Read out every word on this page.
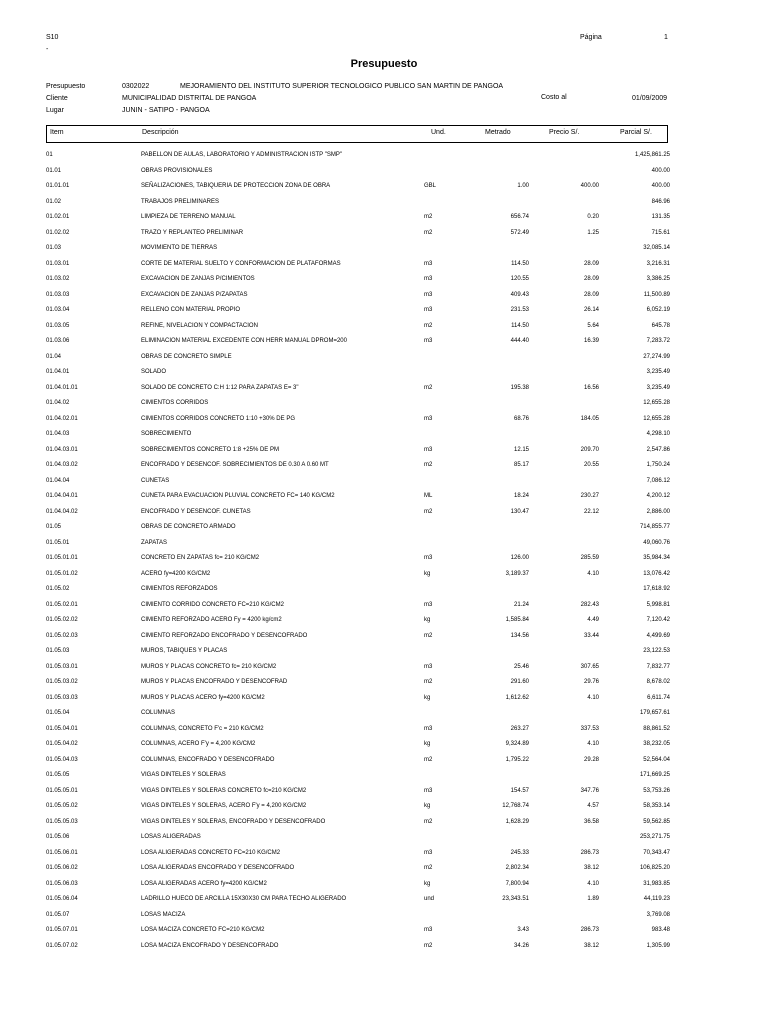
S10
-
Página	1
Presupuesto
Presupuesto	0302022	MEJORAMIENTO DEL INSTITUTO SUPERIOR TECNOLOGICO PUBLICO SAN MARTIN DE PANGOA
Cliente	MUNICIPALIDAD DISTRITAL DE PANGOA	Costo al	01/09/2009
Lugar	JUNIN - SATIPO - PANGOA
Item	Descripción	Und.	Metrado	Precio S/.	Parcial S/.
01	PABELLON DE AULAS, LABORATORIO Y ADMINISTRACION ISTP "SMP"	1,425,861.25
01.01	OBRAS PROVISIONALES	400.00
01.01.01	SEÑALIZACIONES, TABIQUERIA DE PROTECCION ZONA DE OBRA	GBL	1.00	400.00	400.00
01.02	TRABAJOS PRELIMINARES	846.96
01.02.01	LIMPIEZA DE TERRENO MANUAL	m2	656.74	0.20	131.35
01.02.02	TRAZO Y REPLANTEO PRELIMINAR	m2	572.49	1.25	715.61
01.03	MOVIMIENTO DE TIERRAS	32,085.14
01.03.01	CORTE DE MATERIAL SUELTO Y CONFORMACION DE PLATAFORMAS	m3	114.50	28.09	3,216.31
01.03.02	EXCAVACION DE ZANJAS P/CIMIENTOS	m3	120.55	28.09	3,386.25
01.03.03	EXCAVACION DE ZANJAS P/ZAPATAS	m3	409.43	28.09	11,500.89
01.03.04	RELLENO CON MATERIAL PROPIO	m3	231.53	26.14	6,052.19
01.03.05	REFINE, NIVELACION Y COMPACTACION	m2	114.50	5.64	645.78
01.03.06	ELIMINACION MATERIAL EXCEDENTE CON HERR MANUAL DPROM=200	m3	444.40	16.39	7,283.72
01.04	OBRAS DE CONCRETO SIMPLE	27,274.99
01.04.01	SOLADO	3,235.49
01.04.01.01	SOLADO DE CONCRETO C:H 1:12 PARA ZAPATAS E= 3"	m2	195.38	16.56	3,235.49
01.04.02	CIMIENTOS CORRIDOS	12,655.28
01.04.02.01	CIMIENTOS CORRIDOS CONCRETO 1:10 +30% DE PG	m3	68.76	184.05	12,655.28
01.04.03	SOBRECIMIENTO	4,298.10
01.04.03.01	SOBRECIMIENTOS CONCRETO 1:8 +25% DE PM	m3	12.15	209.70	2,547.86
01.04.03.02	ENCOFRADO Y DESENCOF. SOBRECIMIENTOS DE 0.30 A 0.60 MT	m2	85.17	20.55	1,750.24
01.04.04	CUNETAS	7,086.12
01.04.04.01	CUNETA PARA EVACUACION PLUVIAL CONCRETO FC= 140 KG/CM2	ML	18.24	230.27	4,200.12
01.04.04.02	ENCOFRADO Y DESENCOF. CUNETAS	m2	130.47	22.12	2,886.00
01.05	OBRAS DE CONCRETO ARMADO	714,855.77
01.05.01	ZAPATAS	49,060.76
01.05.01.01	CONCRETO EN ZAPATAS fc= 210 KG/CM2	m3	126.00	285.59	35,984.34
01.05.01.02	ACERO fy=4200 KG/CM2	kg	3,189.37	4.10	13,076.42
01.05.02	CIMIENTOS REFORZADOS	17,618.92
01.05.02.01	CIMIENTO CORRIDO CONCRETO FC=210 KG/CM2	m3	21.24	282.43	5,998.81
01.05.02.02	CIMIENTO REFORZADO ACERO Fy = 4200 kg/cm2	kg	1,585.84	4.49	7,120.42
01.05.02.03	CIMIENTO REFORZADO ENCOFRADO Y DESENCOFRADO	m2	134.56	33.44	4,499.69
01.05.03	MUROS, TABIQUES Y PLACAS	23,122.53
01.05.03.01	MUROS Y PLACAS CONCRETO fc= 210 KG/CM2	m3	25.46	307.65	7,832.77
01.05.03.02	MUROS Y PLACAS ENCOFRADO Y DESENCOFRAD	m2	291.60	29.76	8,678.02
01.05.03.03	MUROS Y PLACAS ACERO fy=4200 KG/CM2	kg	1,612.62	4.10	6,611.74
01.05.04	COLUMNAS	179,657.61
01.05.04.01	COLUMNAS, CONCRETO F'c = 210 KG/CM2	m3	263.27	337.53	88,861.52
01.05.04.02	COLUMNAS, ACERO F'y = 4,200 KG/CM2	kg	9,324.89	4.10	38,232.05
01.05.04.03	COLUMNAS, ENCOFRADO Y DESENCOFRADO	m2	1,795.22	29.28	52,564.04
01.05.05	VIGAS DINTELES Y SOLERAS	171,669.25
01.05.05.01	VIGAS DINTELES Y SOLERAS CONCRETO fc=210 KG/CM2	m3	154.57	347.76	53,753.26
01.05.05.02	VIGAS DINTELES Y SOLERAS, ACERO F'y = 4,200 KG/CM2	kg	12,768.74	4.57	58,353.14
01.05.05.03	VIGAS DINTELES Y SOLERAS, ENCOFRADO Y DESENCOFRADO	m2	1,628.29	36.58	59,562.85
01.05.06	LOSAS ALIGERADAS	253,271.75
01.05.06.01	LOSA ALIGERADAS CONCRETO FC=210 KG/CM2	m3	245.33	286.73	70,343.47
01.05.06.02	LOSA ALIGERADAS ENCOFRADO Y DESENCOFRADO	m2	2,802.34	38.12	106,825.20
01.05.06.03	LOSA ALIGERADAS ACERO fy=4200 KG/CM2	kg	7,800.94	4.10	31,983.85
01.05.06.04	LADRILLO HUECO DE ARCILLA 15X30X30 CM PARA TECHO ALIGERADO	und	23,343.51	1.89	44,119.23
01.05.07	LOSAS MACIZA	3,769.08
01.05.07.01	LOSA MACIZA CONCRETO FC=210 KG/CM2	m3	3.43	286.73	983.48
01.05.07.02	LOSA MACIZA ENCOFRADO Y DESENCOFRADO	m2	34.26	38.12	1,305.99
